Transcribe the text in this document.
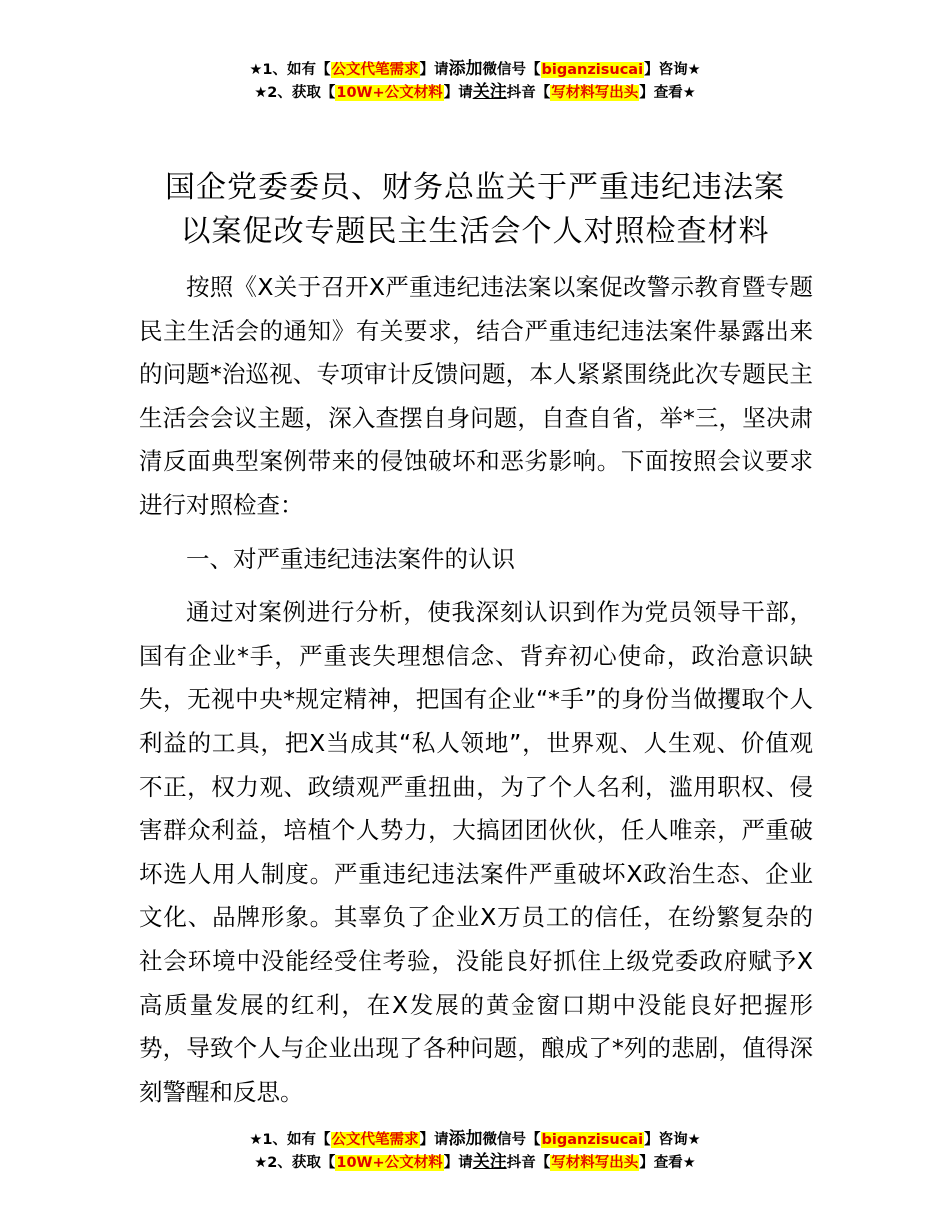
★1、如有【公文代笔需求】请添加微信号【biganzisucai】咨询★
★2、获取【10W+公文材料】请关注抖音【写材料写出头】查看★
国企党委委员、财务总监关于严重违纪违法案
以案促改专题民主生活会个人对照检查材料

按照《X关于召开X严重违纪违法案以案促改警示教育暨专题民主生活会的通知》有关要求，结合严重违纪违法案件暴露出来的问题*治巡视、专项审计反馈问题，本人紧紧围绕此次专题民主生活会会议主题，深入查摆自身问题，自查自省，举*三，坚决肃清反面典型案例带来的侵蚀破坏和恶劣影响。下面按照会议要求进行对照检查：

一、对严重违纪违法案件的认识

通过对案例进行分析，使我深刻认识到作为党员领导干部，国有企业*手，严重丧失理想信念、背弃初心使命，政治意识缺失，无视中央*规定精神，把国有企业“*手”的身份当做攫取个人利益的工具，把X当成其“私人领地”，世界观、人生观、价值观不正，权力观、政绩观严重扭曲，为了个人名利，滥用职权、侵害群众利益，培植个人势力，大搞团团伙伙，任人唯亲，严重破坏选人用人制度。严重违纪违法案件严重破坏X政治生态、企业文化、品牌形象。其辜负了企业X万员工的信任，在纷繁复杂的社会环境中没能经受住考验，没能良好抓住上级党委政府赋予X高质量发展的红利，在X发展的黄金窗口期中没能良好把握形势，导致个人与企业出现了各种问题，酿成了*列的悲剧，值得深刻警醒和反思。

★1、如有【公文代笔需求】请添加微信号【biganzisucai】咨询★
★2、获取【10W+公文材料】请关注抖音【写材料写出头】查看★
